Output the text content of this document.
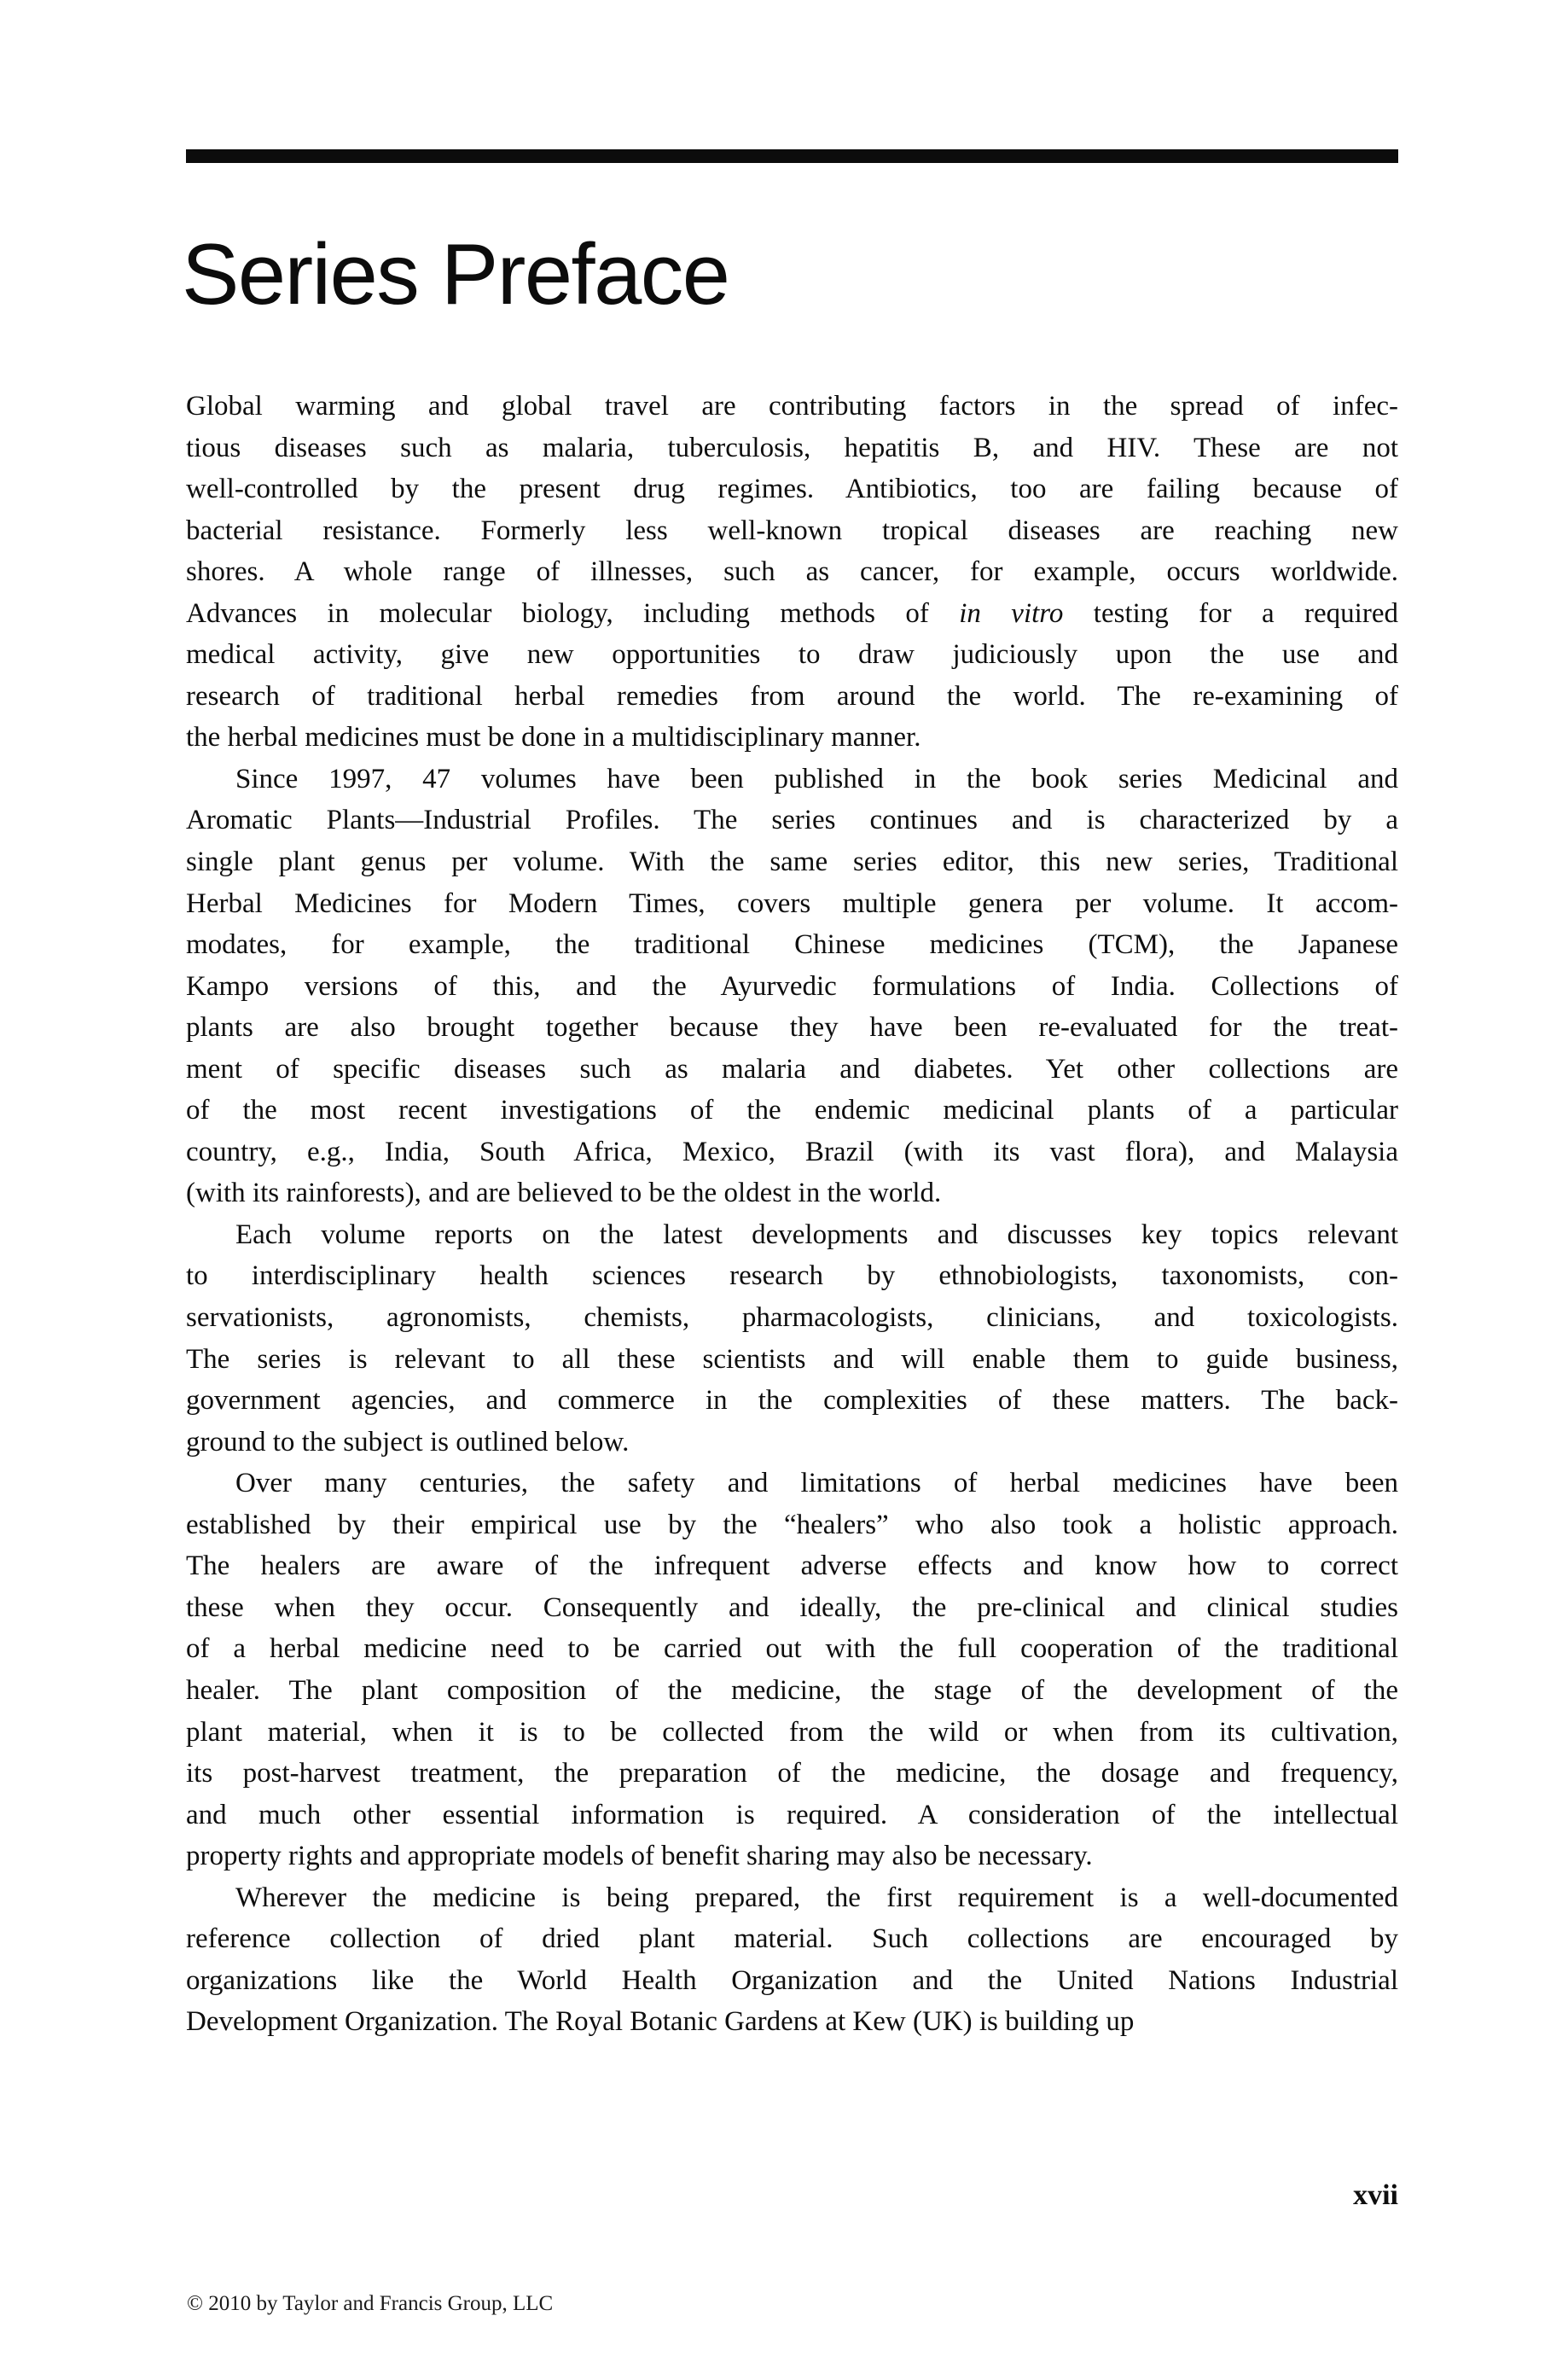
Series Preface
Global warming and global travel are contributing factors in the spread of infec-
tious diseases such as malaria, tuberculosis, hepatitis B, and HIV. These are not
well-controlled by the present drug regimes. Antibiotics, too are failing because of
bacterial resistance. Formerly less well-known tropical diseases are reaching new
shores. A whole range of illnesses, such as cancer, for example, occurs worldwide.
Advances in molecular biology, including methods of in vitro testing for a required
medical activity, give new opportunities to draw judiciously upon the use and
research of traditional herbal remedies from around the world. The re-examining of
the herbal medicines must be done in a multidisciplinary manner.
Since 1997, 47 volumes have been published in the book series Medicinal and
Aromatic Plants—Industrial Profiles. The series continues and is characterized by a
single plant genus per volume. With the same series editor, this new series, Traditional
Herbal Medicines for Modern Times, covers multiple genera per volume. It accom-
modates, for example, the traditional Chinese medicines (TCM), the Japanese
Kampo versions of this, and the Ayurvedic formulations of India. Collections of
plants are also brought together because they have been re-evaluated for the treat-
ment of specific diseases such as malaria and diabetes. Yet other collections are
of the most recent investigations of the endemic medicinal plants of a particular
country, e.g., India, South Africa, Mexico, Brazil (with its vast flora), and Malaysia
(with its rainforests), and are believed to be the oldest in the world.
Each volume reports on the latest developments and discusses key topics relevant
to interdisciplinary health sciences research by ethnobiologists, taxonomists, con-
servationists, agronomists, chemists, pharmacologists, clinicians, and toxicologists.
The series is relevant to all these scientists and will enable them to guide business,
government agencies, and commerce in the complexities of these matters. The back-
ground to the subject is outlined below.
Over many centuries, the safety and limitations of herbal medicines have been
established by their empirical use by the “healers” who also took a holistic approach.
The healers are aware of the infrequent adverse effects and know how to correct
these when they occur. Consequently and ideally, the pre-clinical and clinical studies
of a herbal medicine need to be carried out with the full cooperation of the traditional
healer. The plant composition of the medicine, the stage of the development of the
plant material, when it is to be collected from the wild or when from its cultivation,
its post-harvest treatment, the preparation of the medicine, the dosage and frequency,
and much other essential information is required. A consideration of the intellectual
property rights and appropriate models of benefit sharing may also be necessary.
Wherever the medicine is being prepared, the first requirement is a well-documented
reference collection of dried plant material. Such collections are encouraged by
organizations like the World Health Organization and the United Nations Industrial
Development Organization. The Royal Botanic Gardens at Kew (UK) is building up
xvii
© 2010 by Taylor and Francis Group, LLC
